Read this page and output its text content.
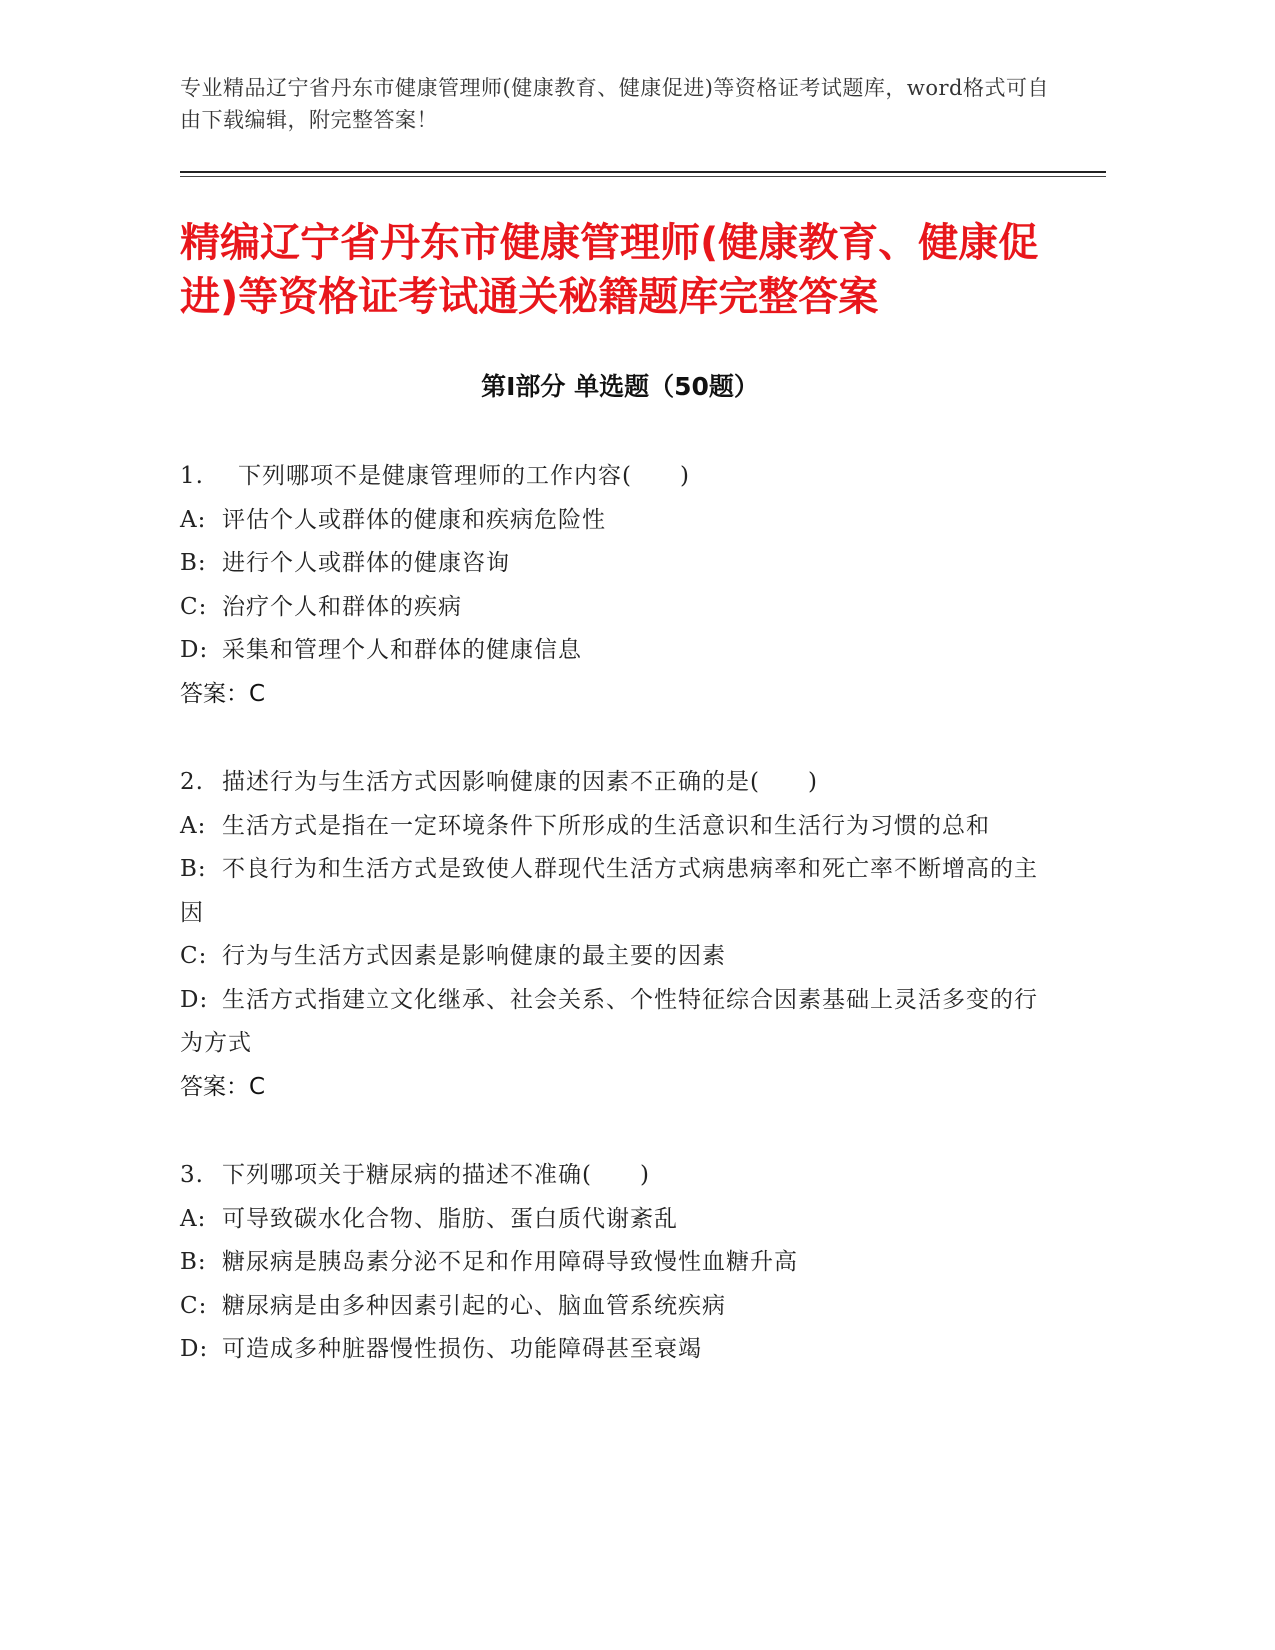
专业精品辽宁省丹东市健康管理师(健康教育、健康促进)等资格证考试题库，word格式可自由下载编辑，附完整答案！
精编辽宁省丹东市健康管理师(健康教育、健康促进)等资格证考试通关秘籍题库完整答案
第Ⅰ部分 单选题（50题）

1. 下列哪项不是健康管理师的工作内容(　　)

A: 评估个人或群体的健康和疾病危险性

B: 进行个人或群体的健康咨询

C: 治疗个人和群体的疾病

D: 采集和管理个人和群体的健康信息

答案：C

2. 描述行为与生活方式因影响健康的因素不正确的是(　　)

A: 生活方式是指在一定环境条件下所形成的生活意识和生活行为习惯的总和

B: 不良行为和生活方式是致使人群现代生活方式病患病率和死亡率不断增高的主因

C: 行为与生活方式因素是影响健康的最主要的因素

D: 生活方式指建立文化继承、社会关系、个性特征综合因素基础上灵活多变的行为方式

答案：C

3. 下列哪项关于糖尿病的描述不准确(　　)

A: 可导致碳水化合物、脂肪、蛋白质代谢紊乱

B: 糖尿病是胰岛素分泌不足和作用障碍导致慢性血糖升高

C: 糖尿病是由多种因素引起的心、脑血管系统疾病

D: 可造成多种脏器慢性损伤、功能障碍甚至衰竭
